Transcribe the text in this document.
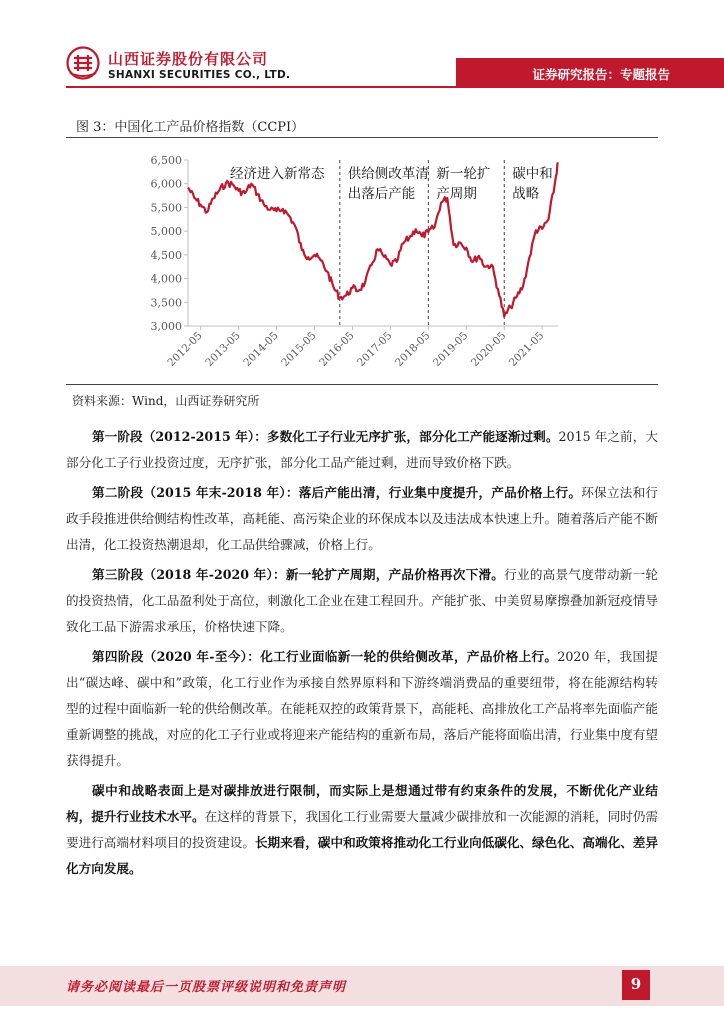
山西证券股份有限公司
SHANXI SECURITIES CO., LTD.	证券研究报告：专题报告
图 3：中国化工产品价格指数（CCPI）
3,000
3,500
4,000
4,500
5,000
5,500
6,000
6,500
2012-05
2013-05
2014-05
2015-05
2016-05
2017-05
2018-05
2019-05
2020-05
2021-05
经济进入新常态 供给侧改革清
出落后产能
新一轮扩
产周期
碳中和
战略
资料来源：Wind，山西证券研究所

第一阶段（2012-2015 年）：多数化工子行业无序扩张，部分化工产能逐渐过剩。2015 年之前，大部分化工子行业投资过度，无序扩张，部分化工品产能过剩，进而导致价格下跌。

第二阶段（2015 年末-2018 年）：落后产能出清，行业集中度提升，产品价格上行。环保立法和行政手段推进供给侧结构性改革，高耗能、高污染企业的环保成本以及违法成本快速上升。随着落后产能不断出清，化工投资热潮退却，化工品供给骤减，价格上行。

第三阶段（2018 年-2020 年）：新一轮扩产周期，产品价格再次下滑。行业的高景气度带动新一轮的投资热情，化工品盈利处于高位，刺激化工企业在建工程回升。产能扩张、中美贸易摩擦叠加新冠疫情导致化工品下游需求承压，价格快速下降。

第四阶段（2020 年-至今）：化工行业面临新一轮的供给侧改革，产品价格上行。2020 年，我国提出“碳达峰、碳中和”政策，化工行业作为承接自然界原料和下游终端消费品的重要纽带，将在能源结构转型的过程中面临新一轮的供给侧改革。在能耗双控的政策背景下，高能耗、高排放化工产品将率先面临产能重新调整的挑战，对应的化工子行业或将迎来产能结构的重新布局，落后产能将面临出清，行业集中度有望获得提升。

碳中和战略表面上是对碳排放进行限制，而实际上是想通过带有约束条件的发展，不断优化产业结构，提升行业技术水平。在这样的背景下，我国化工行业需要大量减少碳排放和一次能源的消耗，同时仍需要进行高端材料项目的投资建设。长期来看，碳中和政策将推动化工行业向低碳化、绿色化、高端化、差异化方向发展。

请务必阅读最后一页股票评级说明和免责声明	9
